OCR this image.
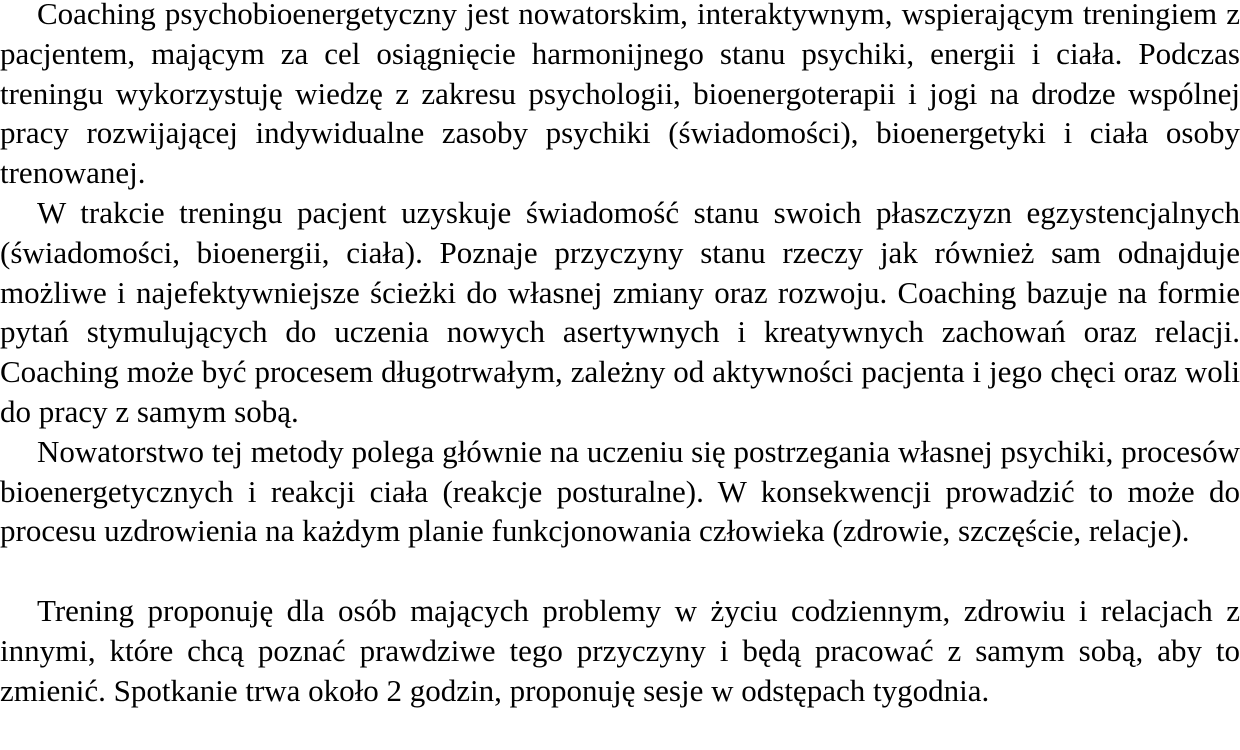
Coaching psychobioenergetyczny jest nowatorskim, interaktywnym, wspierającym treningiem z pacjentem, mającym za cel osiągnięcie harmonijnego stanu psychiki, energii i ciała. Podczas treningu wykorzystuję wiedzę z zakresu psychologii, bioenergoterapii i jogi na drodze wspólnej pracy rozwijającej indywidualne zasoby psychiki (świadomości), bioenergetyki i ciała osoby trenowanej.

W trakcie treningu pacjent uzyskuje świadomość stanu swoich płaszczyzn egzystencjalnych (świadomości, bioenergii, ciała). Poznaje przyczyny stanu rzeczy jak również sam odnajduje możliwe i najefektywniejsze ścieżki do własnej zmiany oraz rozwoju. Coaching bazuje na formie pytań stymulujących do uczenia nowych asertywnych i kreatywnych zachowań oraz relacji. Coaching może być procesem długotrwałym, zależny od aktywności pacjenta i jego chęci oraz woli do pracy z samym sobą.

Nowatorstwo tej metody polega głównie na uczeniu się postrzegania własnej psychiki, procesów bioenergetycznych i reakcji ciała (reakcje posturalne). W konsekwencji prowadzić to może do procesu uzdrowienia na każdym planie funkcjonowania człowieka (zdrowie, szczęście, relacje).

Trening proponuję dla osób mających problemy w życiu codziennym, zdrowiu i relacjach z innymi, które chcą poznać prawdziwe tego przyczyny i będą pracować z samym sobą, aby to zmienić. Spotkanie trwa około 2 godzin, proponuję sesje w odstępach tygodnia.
